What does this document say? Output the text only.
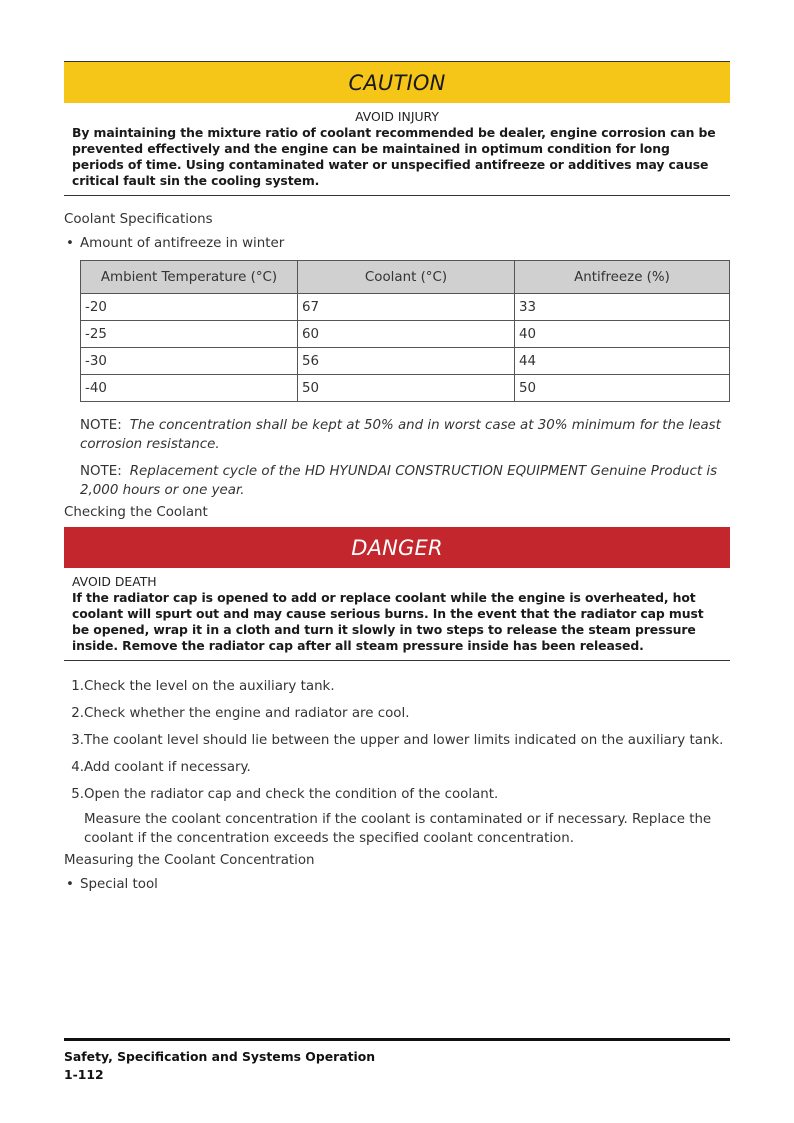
CAUTION
AVOID INJURY
By maintaining the mixture ratio of coolant recommended be dealer, engine corrosion can be prevented effectively and the engine can be maintained in optimum condition for long periods of time. Using contaminated water or unspecified antifreeze or additives may cause critical fault sin the cooling system.
Coolant Specifications
• Amount of antifreeze in winter
Ambient Temperature (°C)	Coolant (°C)	Antifreeze (%)
-20	67	33
-25	60	40
-30	56	44
-40	50	50
NOTE: The concentration shall be kept at 50% and in worst case at 30% minimum for the least corrosion resistance.
NOTE: Replacement cycle of the HD HYUNDAI CONSTRUCTION EQUIPMENT Genuine Product is 2,000 hours or one year.
Checking the Coolant
DANGER
AVOID DEATH
If the radiator cap is opened to add or replace coolant while the engine is overheated, hot coolant will spurt out and may cause serious burns. In the event that the radiator cap must be opened, wrap it in a cloth and turn it slowly in two steps to release the steam pressure inside. Remove the radiator cap after all steam pressure inside has been released.
1. Check the level on the auxiliary tank.
2. Check whether the engine and radiator are cool.
3. The coolant level should lie between the upper and lower limits indicated on the auxiliary tank.
4. Add coolant if necessary.
5. Open the radiator cap and check the condition of the coolant.
Measure the coolant concentration if the coolant is contaminated or if necessary. Replace the coolant if the concentration exceeds the specified coolant concentration.
Measuring the Coolant Concentration
• Special tool
Safety, Specification and Systems Operation
1-112
